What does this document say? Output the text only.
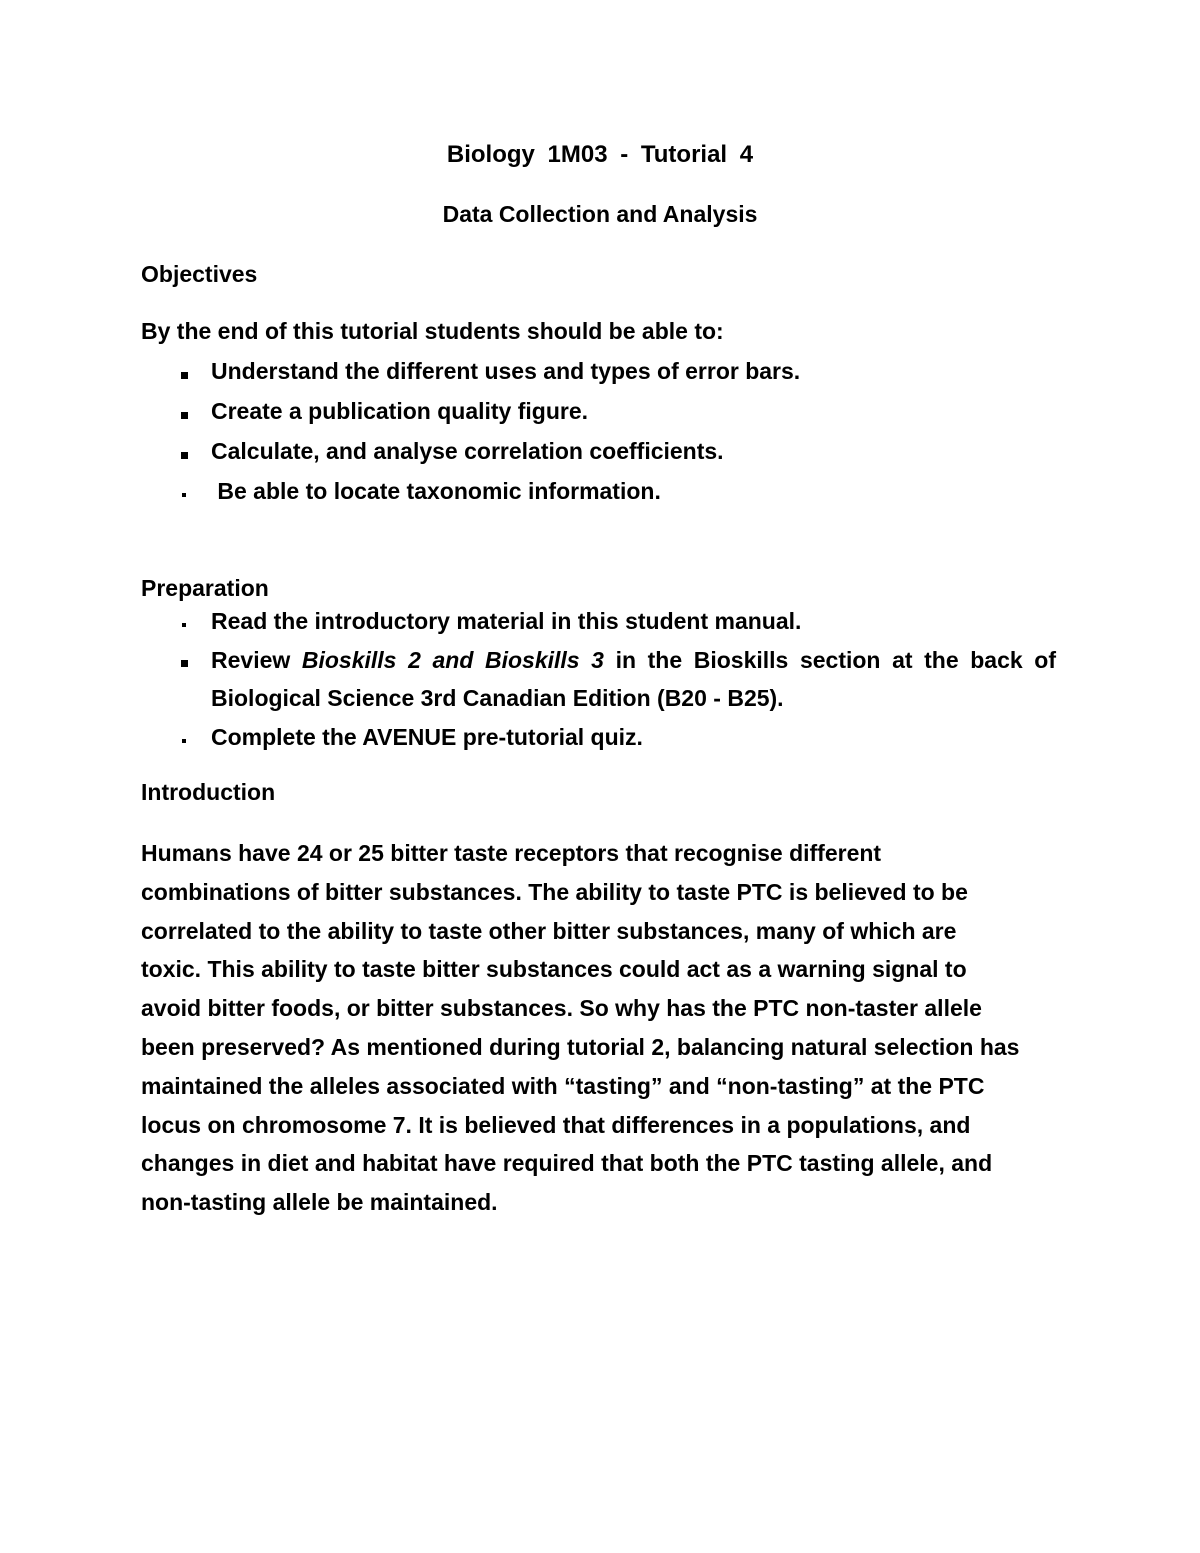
Biology 1M03 - Tutorial 4
Data Collection and Analysis
Objectives
By the end of this tutorial students should be able to:
Understand the different uses and types of error bars.
Create a publication quality figure.
Calculate, and analyse correlation coefficients.
Be able to locate taxonomic information.
Preparation
Read the introductory material in this student manual.
Review Bioskills 2 and Bioskills 3 in the Bioskills section at the back of Biological Science 3rd Canadian Edition (B20 - B25).
Complete the AVENUE pre-tutorial quiz.
Introduction
Humans have 24 or 25 bitter taste receptors that recognise different
combinations of bitter substances. The ability to taste PTC is believed to be
correlated to the ability to taste other bitter substances, many of which are
toxic. This ability to taste bitter substances could act as a warning signal to
avoid bitter foods, or bitter substances. So why has the PTC non-taster allele
been preserved? As mentioned during tutorial 2, balancing natural selection has
maintained the alleles associated with “tasting” and “non-tasting” at the PTC
locus on chromosome 7. It is believed that differences in a populations, and
changes in diet and habitat have required that both the PTC tasting allele, and
non-tasting allele be maintained.
